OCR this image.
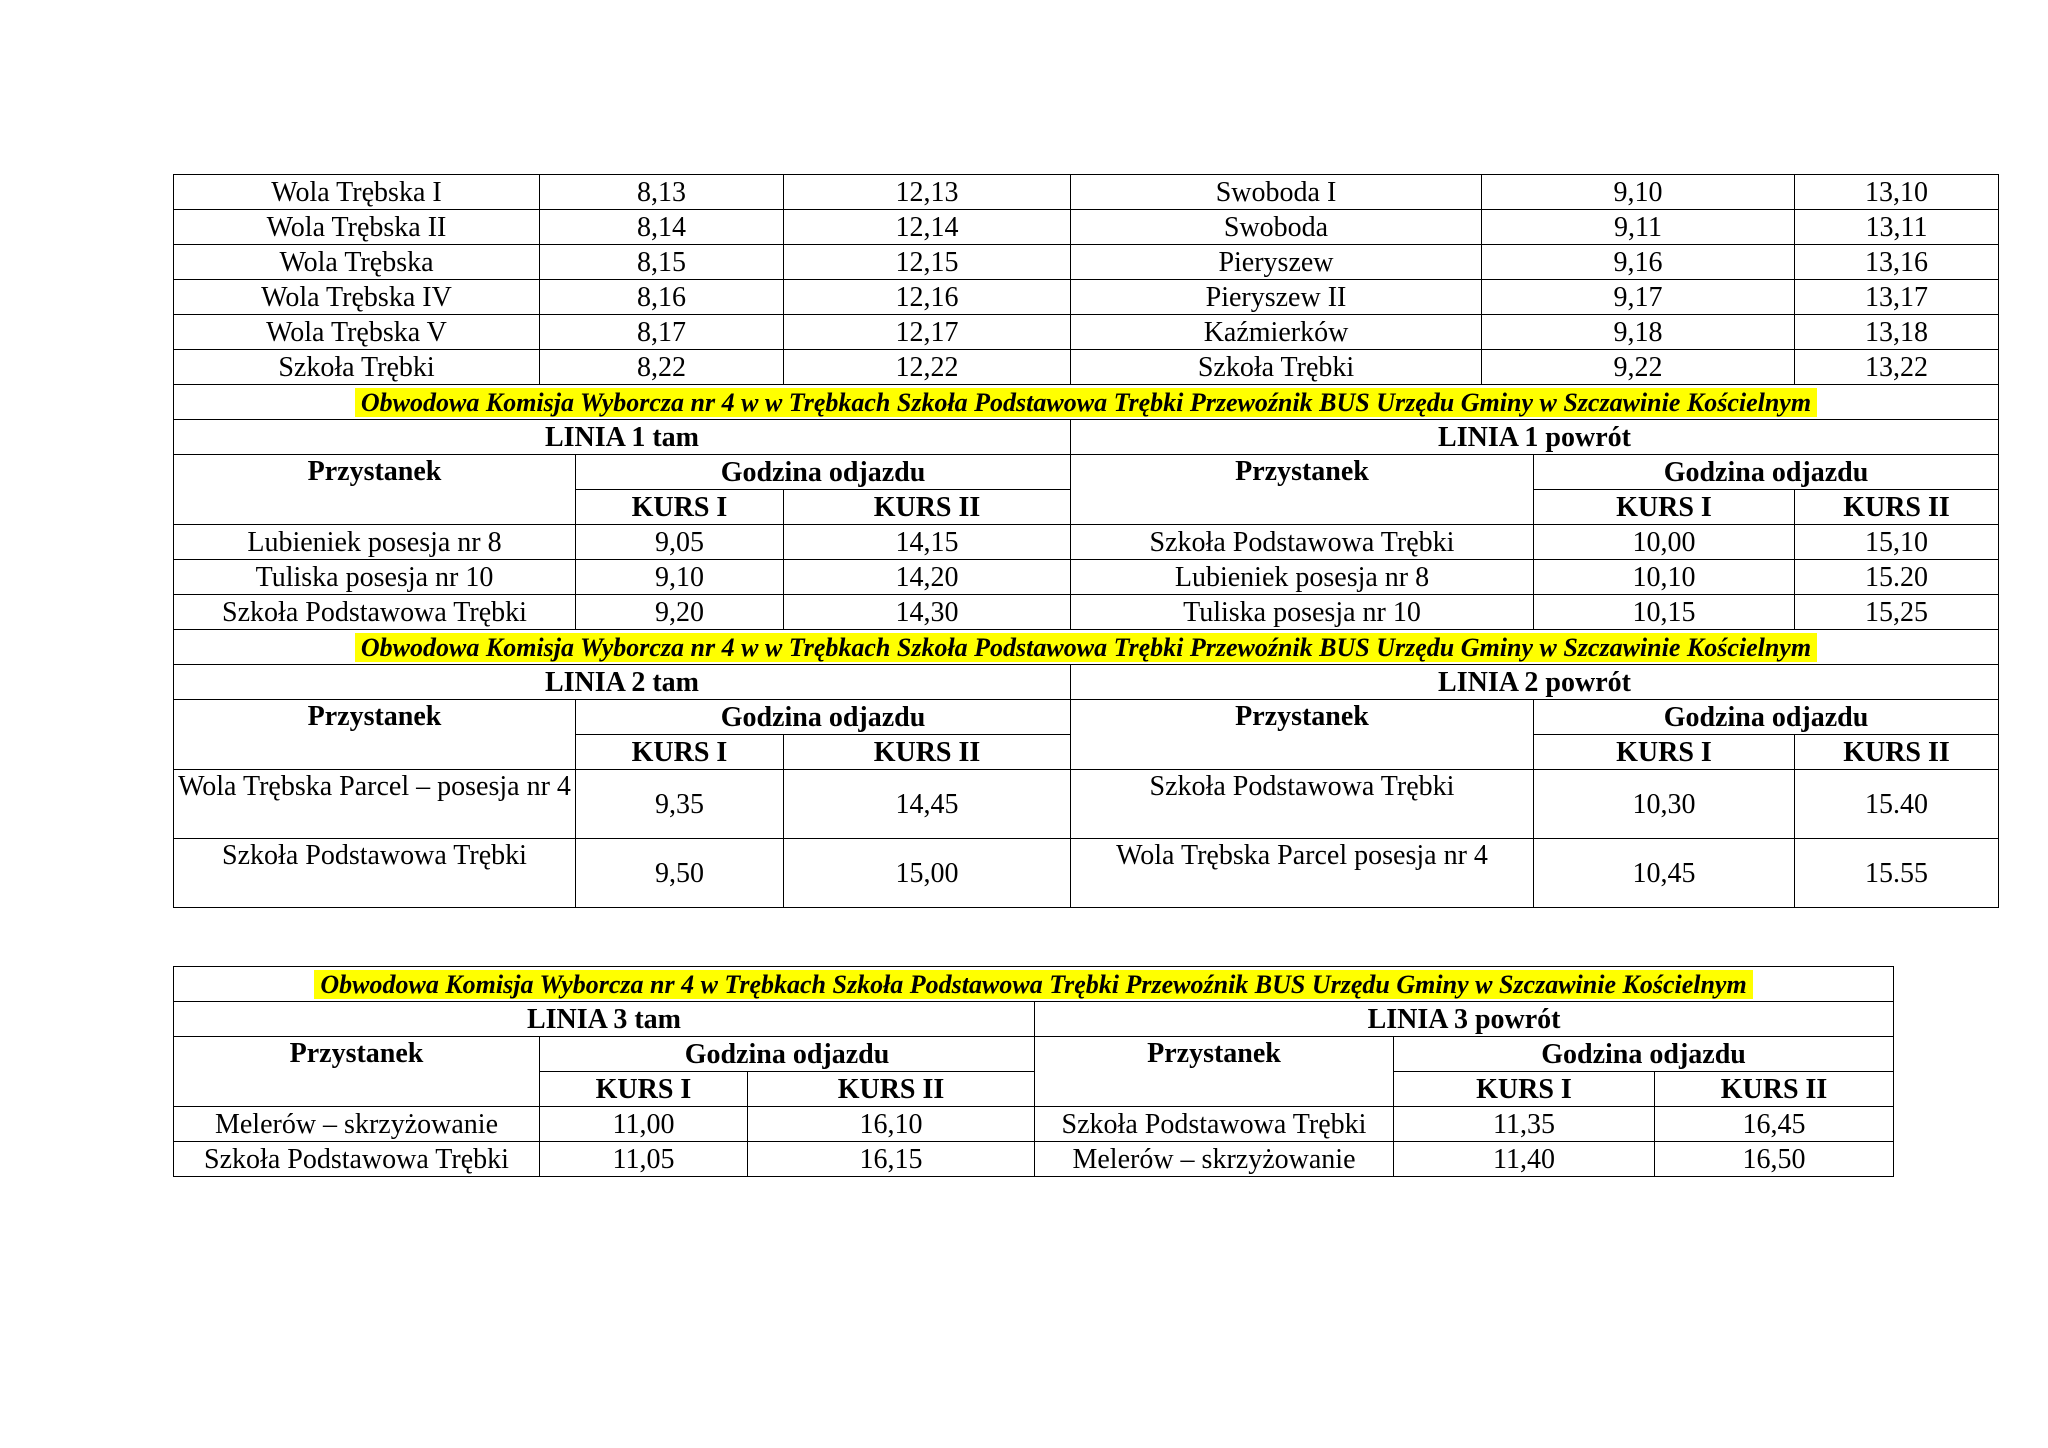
Wola Trębska I	8,13		12,13	Swoboda I	9,10		13,10
Wola Trębska II	8,14		12,14	Swoboda	9,11		13,11
Wola Trębska	8,15		12,15	Pieryszew	9,16		13,16
Wola Trębska IV	8,16		12,16	Pieryszew II	9,17		13,17
Wola Trębska V	8,17		12,17	Kaźmierków	9,18		13,18
Szkoła Trębki	8,22		12,22	Szkoła Trębki	9,22		13,22
Obwodowa Komisja Wyborcza nr 4 w w Trębkach Szkoła Podstawowa Trębki Przewoźnik BUS Urzędu Gminy w Szczawinie Kościelnym							
LINIA 1 tam				LINIA 1 powrót			
Przystanek		Godzina odjazdu		Przystanek		Godzina odjazdu	
		KURS I	KURS II			KURS I	KURS II
Lubieniek posesja nr 8		9,05	14,15	Szkoła Podstawowa Trębki		10,00	15,10
Tuliska posesja nr 10		9,10	14,20	Lubieniek posesja nr 8		10,10	15.20
Szkoła Podstawowa Trębki		9,20	14,30	Tuliska posesja nr 10		10,15	15,25
Obwodowa Komisja Wyborcza nr 4 w w Trębkach Szkoła Podstawowa Trębki Przewoźnik BUS Urzędu Gminy w Szczawinie Kościelnym							
LINIA 2 tam				LINIA 2 powrót			
Przystanek		Godzina odjazdu		Przystanek		Godzina odjazdu	
		KURS I	KURS II			KURS I	KURS II
Wola Trębska Parcel – posesja nr 4		9,35	14,45	Szkoła Podstawowa Trębki		10,30	15.40
Szkoła Podstawowa Trębki		9,50	15,00	Wola Trębska Parcel posesja nr 4		10,45	15.55
Obwodowa Komisja Wyborcza nr 4 w Trębkach Szkoła Podstawowa Trębki Przewoźnik BUS Urzędu Gminy w Szczawinie Kościelnym					
LINIA 3 tam			LINIA 3 powrót		
Przystanek	Godzina odjazdu		Przystanek	Godzina odjazdu	
	KURS I	KURS II		KURS I	KURS II
Melerów – skrzyżowanie	11,00	16,10	Szkoła Podstawowa Trębki	11,35	16,45
Szkoła Podstawowa Trębki	11,05	16,15	Melerów – skrzyżowanie	11,40	16,50
